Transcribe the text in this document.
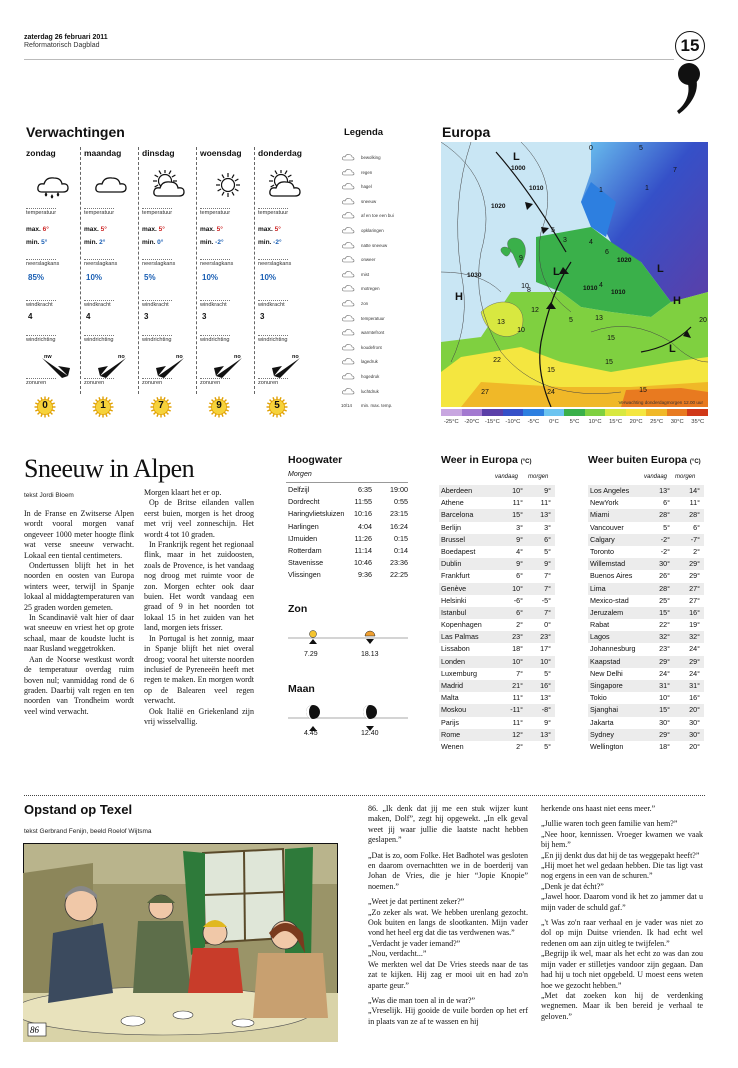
zaterdag 26 februari 2011
Reformatorisch Dagblad	15
Verwachtingen
zondag
temperatuur
max. 6°
min. 5°
neerslagkans
85%
windkracht
4
windrichting
nw
zonuren
0
maandag
temperatuur
max. 5°
min. 2°
neerslagkans
10%
windkracht
4
windrichting
no
zonuren
1
dinsdag
temperatuur
max. 5°
min. 0°
neerslagkans
5%
windkracht
3
windrichting
no
zonuren
7
woensdag
temperatuur
max. 5°
min. -2°
neerslagkans
10%
windkracht
3
windrichting
no
zonuren
9
donderdag
temperatuur
max. 5°
min. -2°
neerslagkans
10%
windkracht
3
windrichting
no
zonuren
5
Legenda
bewolking
regen
hagel
sneeuw
af en toe een bui
opklaringen
natte sneeuw
onweer
mist
motregen
zon
temperatuur
warmtefront
koudefront
lagedruk
hogedruk
luchtdruk
min. max. temp.
10/14
Europa
Verwachting donderdagmorgen 12.00 uur
0	5
7
1	1
3
5
4
9
6
10
8
12
13
10
4
13
5
15
20
22
15
15
24	15
27
1000
1010
1020
1030
1010
1020
1010
L
L
L
H	H
L
-25°C -20°C -15°C -10°C -5°C 0°C 5°C 10°C 15°C 20°C 25°C 30°C 35°C
Sneeuw in Alpen
tekst Jordi Bloem

In de Franse en Zwitserse Alpen wordt vooral morgen vanaf ongeveer 1000 meter hoogte flink wat verse sneeuw verwacht. Lokaal een tiental centimeters.

Ondertussen blijft het in het noorden en oosten van Europa winters weer, terwijl in Spanje lokaal al middagtemperaturen van 25 graden worden gemeten.

In Scandinavië valt hier of daar wat sneeuw en vriest het op grote schaal, maar de koudste lucht is naar Rusland weggetrokken.

Aan de Noorse westkust wordt de temperatuur overdag ruim boven nul; vanmiddag rond de 6 graden. Daarbij valt regen en ten noorden van Trondheim wordt veel wind verwacht.

Morgen klaart het er op.

Op de Britse eilanden vallen eerst buien, morgen is het droog met vrij veel zonneschijn. Het wordt 4 tot 10 graden.

In Frankrijk regent het regionaal flink, maar in het zuidoosten, zoals de Provence, is het vandaag nog droog met ruimte voor de zon. Morgen echter ook daar buien. Het wordt vandaag een graad of 9 in het noorden tot lokaal 15 in het zuiden van het land, morgen iets frisser.

In Portugal is het zonnig, maar in Spanje blijft het niet overal droog; vooral het uiterste noorden inclusief de Pyreneeën heeft met regen te maken. En morgen wordt op de Balearen veel regen verwacht.

Ook Italië en Griekenland zijn vrij wisselvallig.

Hoogwater
Morgen
Delfzijl	6:35	19:00
Dordrecht	11:55	0:55
Haringvlietsluizen 10:16	23:15
Harlingen	4:04	16:24
IJmuiden	11:26	0:15
Rotterdam	11:14	0:14
Stavenisse	10:46	23:36
Vlissingen	9:36	22:25
Zon
7.29	18.13
Maan
4.45	12.40
Weer in Europa (°C)
vandaag morgen
Aberdeen	10°	9°
Athene	11° 11°
Barcelona	15° 13°
Berlijn	3°	3°
Brussel	9°	6°
Boedapest	4°	5°
Dublin	9°	9°
Frankfurt	6°	7°
Genève	10°	7°
Helsinki	-6°	-5°
Istanbul	6°	7°
Kopenhagen	2°	0°
Las Palmas	23° 23°
Lissabon	18° 17°
Londen	10° 10°
Luxemburg	7°	5°
Madrid	21° 16°
Malta	11° 13°
Moskou	-11°	-8°
Parijs	11°	9°
Rome	12° 13°
Wenen	2°	5°
Weer buiten Europa (°C)
vandaag morgen
Los Angeles	13°	14°
NewYork	6°	11°
Miami	28°	28°
Vancouver	5°	6°
Calgary	-2°	-7°
Toronto	-2°	2°
Willemstad	30°	29°
Buenos Aires	26°	29°
Lima	28°	27°
Mexico-stad	25°	27°
Jeruzalem	15°	16°
Rabat	22°	19°
Lagos	32°	32°
Johannesburg	23°	24°
Kaapstad	29°	29°
New Delhi	24°	24°
Singapore	31°	31°
Tokio	10°	16°
Sjanghai	15°	20°
Jakarta	30°	30°
Sydney	29°	30°
Wellington	18°	20°
Opstand op Texel
tekst Gerbrand Fenijn, beeld Roelof Wijtsma
86

86. „Ik denk dat jij me een stuk wijzer kunt maken, Dolf”, zegt hij opgewekt. „In elk geval weet jij waar jullie die laatste nacht hebben geslapen.”

„Dat is zo, oom Folke. Het Badhotel was gesloten en daarom overnachtten we in de boerderij van Johan de Vries, die je hier “Jopie Knopie” noemen.”

„Weet je dat pertinent zeker?”
„Zo zeker als wat. We hebben urenlang gezocht. Ook buiten en langs de slootkanten. Mijn vader vond het heel erg dat die tas verdwenen was.”
„Verdacht je vader iemand?”
„Nou, verdacht...”
We merkten wel dat De Vries steeds naar de tas zat te kijken. Hij zag er mooi uit en had zo'n aparte geur.”

„Was die man toen al in de war?”
„Vreselijk. Hij gooide de vuile borden op het erf in plaats van ze af te wassen en hij

herkende ons haast niet eens meer.”

„Jullie waren toch geen familie van hem?”
„Nee hoor, kennissen. Vroeger kwamen we vaak bij hem.”
„En jij denkt dus dat hij de tas weggepakt heeft?”
„Hij moet het wel gedaan hebben. Die tas ligt vast nog ergens in een van de schuren.”
„Denk je dat écht?”
„Jawel hoor. Daarom vond ik het zo jammer dat u mijn vader de schuld gaf.”

„'t Was zo'n raar verhaal en je vader was niet zo dol op mijn Duitse vrienden. Ik had echt wel redenen om aan zijn uitleg te twijfelen.”
„Begrijp ik wel, maar als het echt zo was dan zou mijn vader er stilletjes vandoor zijn gegaan. Dan had hij u toch niet opgebeld. U moest eens weten hoe we gezocht hebben.”
„Met dat zoeken kon hij de verdenking wegnemen. Maar ik ben bereid je verhaal te geloven.”
